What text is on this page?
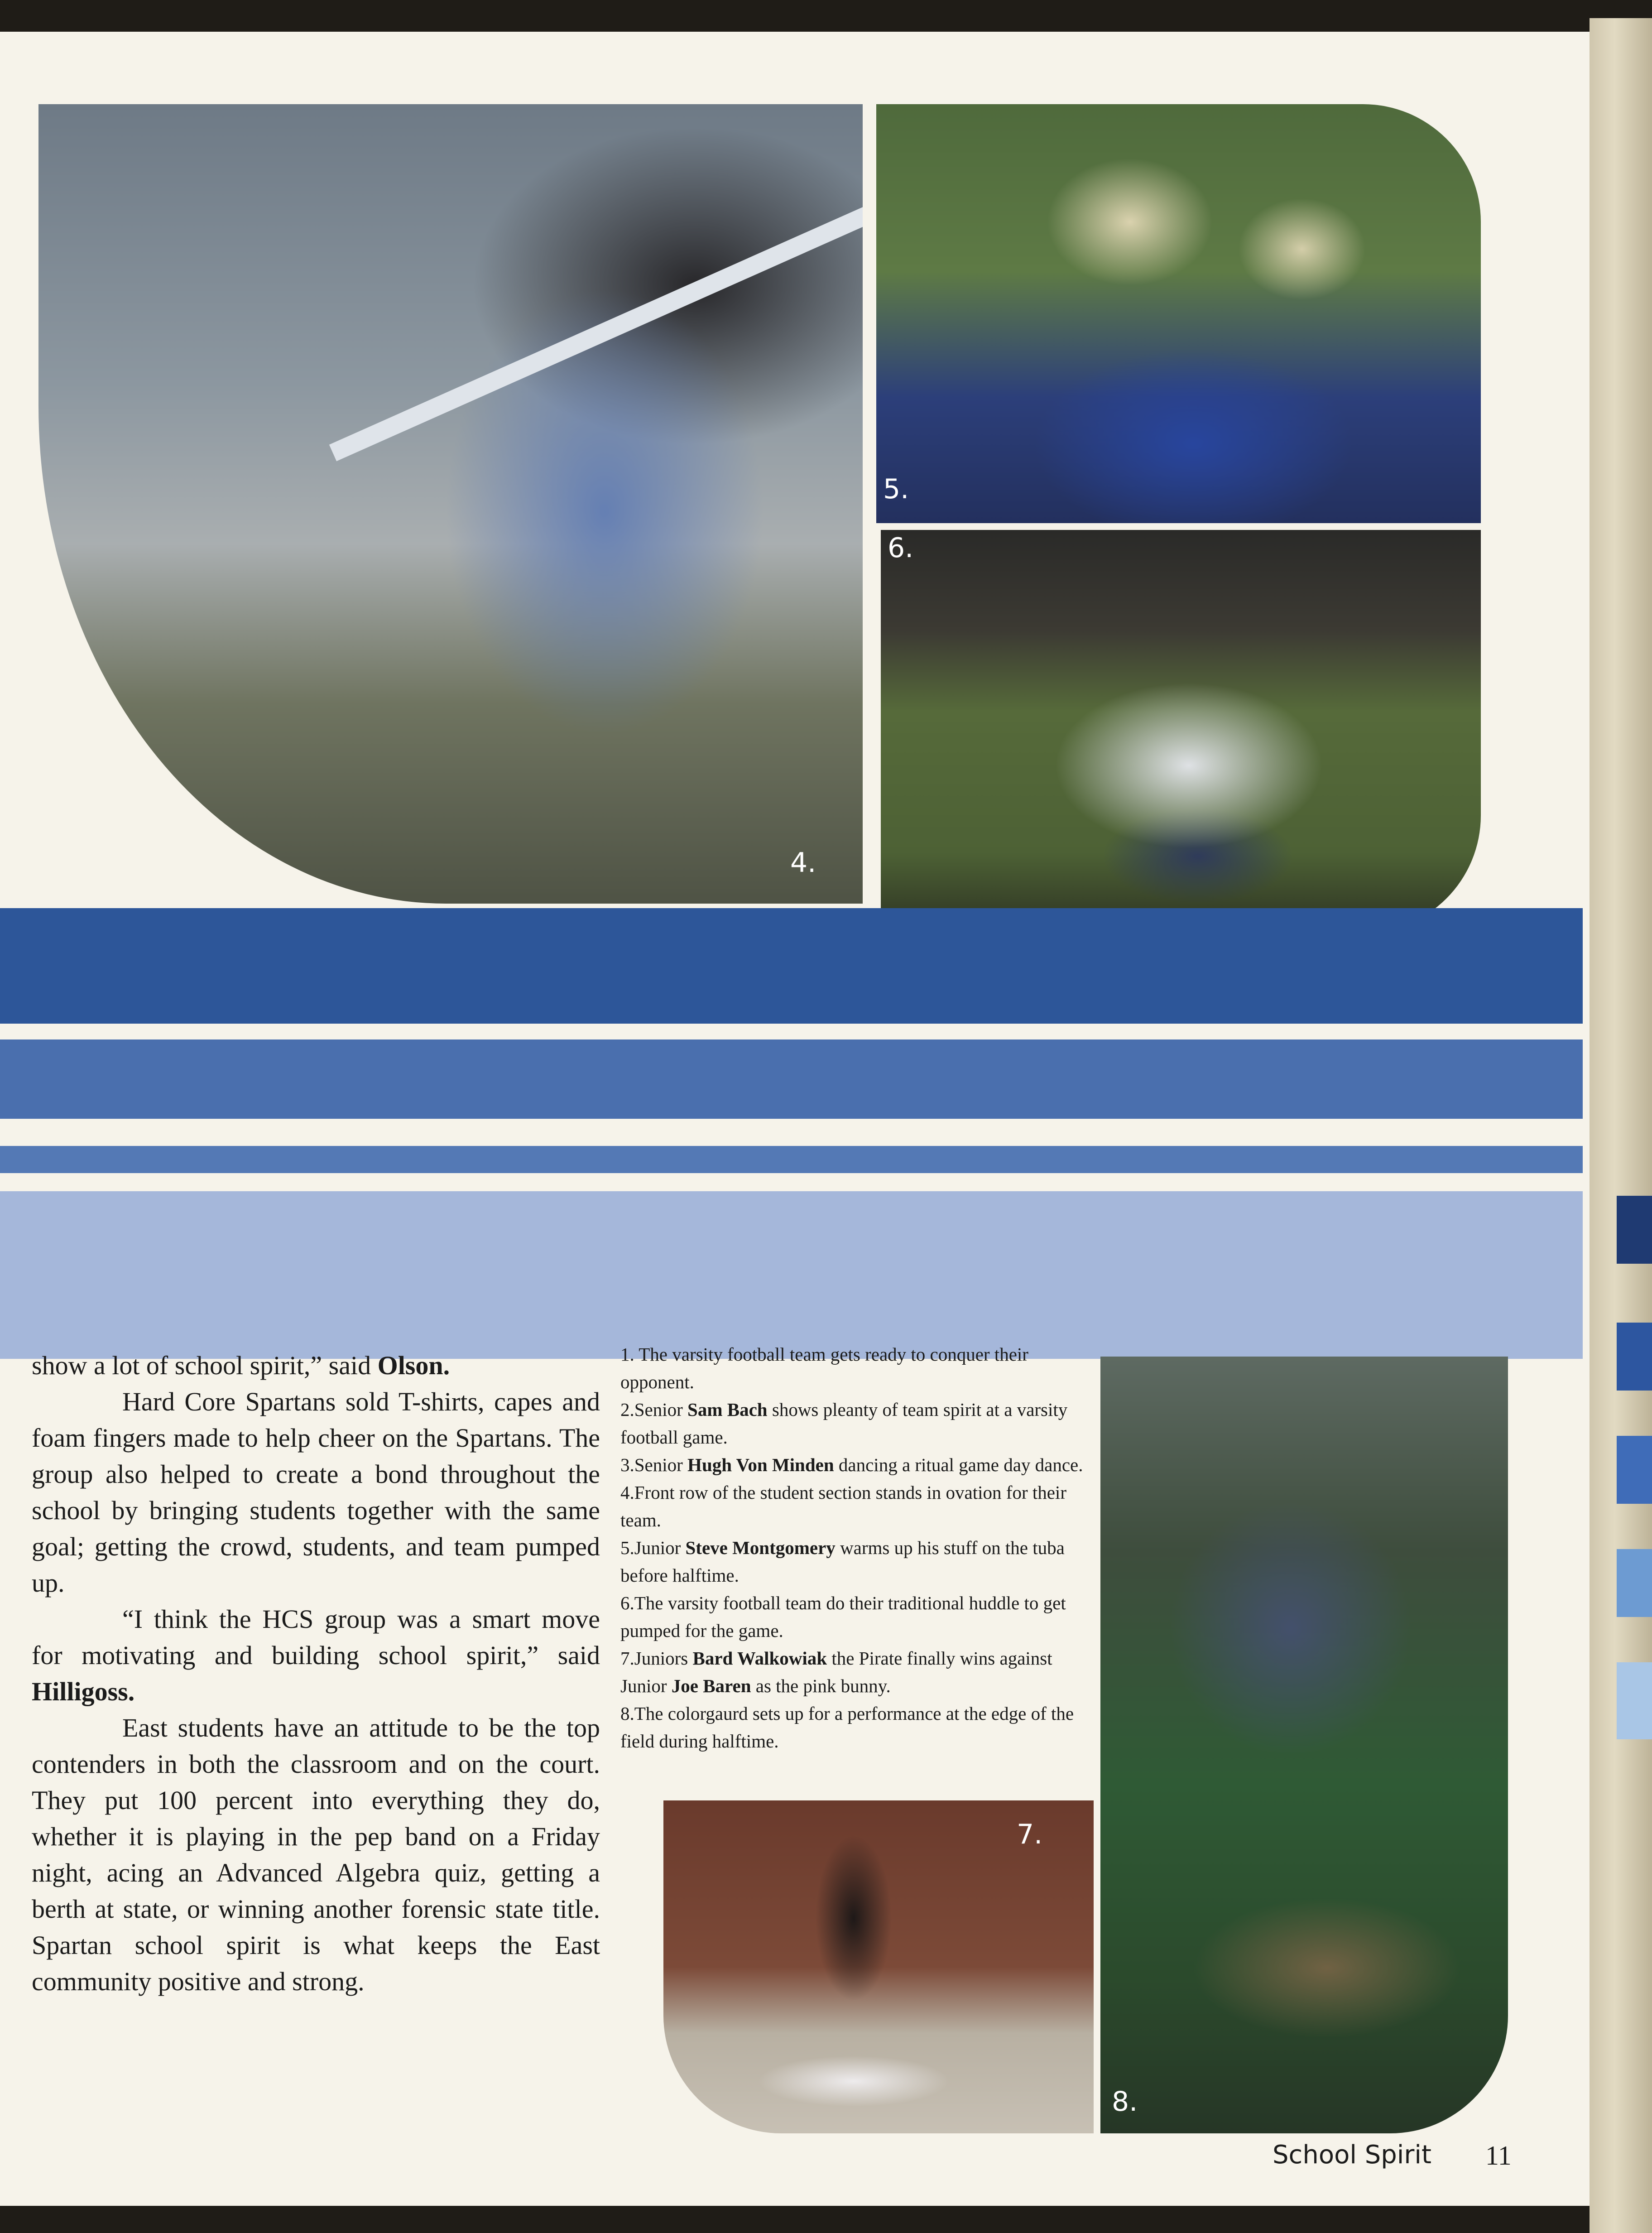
4.
5.
6.

show a lot of school spirit,” said Olson.

Hard Core Spartans sold T-shirts, capes and foam fingers made to help cheer on the Spartans. The group also helped to create a bond throughout the school by bringing students together with the same goal; getting the crowd, students, and team pumped up.

“I think the HCS group was a smart move for motivating and building school spirit,” said Hilligoss.

East students have an attitude to be the top contenders in both the classroom and on the court. They put 100 percent into everything they do, whether it is playing in the pep band on a Friday night, acing an Advanced Algebra quiz, getting a berth at state, or winning another forensic state title. Spartan school spirit is what keeps the East community positive and strong.

1. The varsity football team gets ready to conquer their opponent.

2.Senior Sam Bach shows pleanty of team spirit at a varsity football game.

3.Senior Hugh Von Minden dancing a ritual game day dance.

4.Front row of the student section stands in ovation for their team.

5.Junior Steve Montgomery warms up his stuff on the tuba before halftime.

6.The varsity football team do their traditional huddle to get pumped for the game.

7.Juniors Bard Walkowiak the Pirate finally wins against Junior Joe Baren as the pink bunny.

8.The colorgaurd sets up for a performance at the edge of the field during halftime.

7.
8.
School Spirit 11
